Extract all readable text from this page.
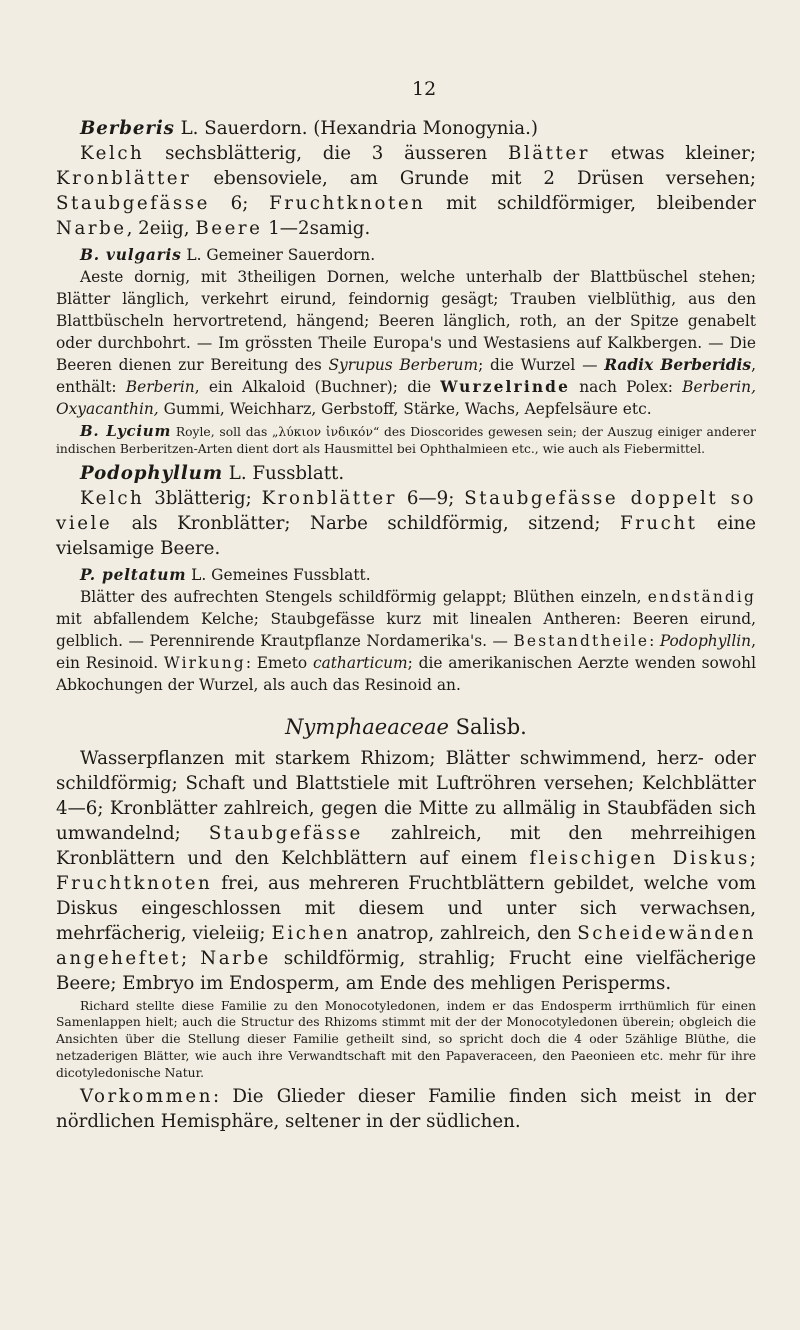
12

Berberis L. Sauerdorn. (Hexandria Monogynia.)

Kelch sechsblätterig, die 3 äusseren Blätter etwas kleiner; Kronblätter ebensoviele, am Grunde mit 2 Drüsen versehen; Staubgefässe 6; Fruchtknoten mit schildförmiger, bleibender Narbe, 2eiig, Beere 1—2samig.

B. vulgaris L. Gemeiner Sauerdorn.

Aeste dornig, mit 3theiligen Dornen, welche unterhalb der Blattbüschel stehen; Blätter länglich, verkehrt eirund, feindornig gesägt; Trauben vielblüthig, aus den Blattbüscheln hervortretend, hängend; Beeren länglich, roth, an der Spitze genabelt oder durchbohrt. — Im grössten Theile Europa's und Westasiens auf Kalkbergen. — Die Beeren dienen zur Bereitung des Syrupus Berberum; die Wurzel — Radix Berberidis, enthält: Berberin, ein Alkaloid (Buchner); die Wurzelrinde nach Polex: Berberin, Oxyacanthin, Gummi, Weichharz, Gerbstoff, Stärke, Wachs, Aepfelsäure etc.

B. Lycium Royle, soll das „λύκιον ἰνδικόν“ des Dioscorides gewesen sein; der Auszug einiger anderer indischen Berberitzen-Arten dient dort als Hausmittel bei Ophthalmieen etc., wie auch als Fiebermittel.

Podophyllum L. Fussblatt.

Kelch 3blätterig; Kronblätter 6—9; Staubgefässe doppelt so viele als Kronblätter; Narbe schildförmig, sitzend; Frucht eine vielsamige Beere.

P. peltatum L. Gemeines Fussblatt.

Blätter des aufrechten Stengels schildförmig gelappt; Blüthen einzeln, endständig mit abfallendem Kelche; Staubgefässe kurz mit linealen Antheren: Beeren eirund, gelblich. — Perennirende Krautpflanze Nordamerika's. — Bestandtheile: Podophyllin, ein Resinoid. Wirkung: Emeto catharticum; die amerikanischen Aerzte wenden sowohl Abkochungen der Wurzel, als auch das Resinoid an.

Nymphaeaceae Salisb.

Wasserpflanzen mit starkem Rhizom; Blätter schwimmend, herz- oder schildförmig; Schaft und Blattstiele mit Luftröhren versehen; Kelchblätter 4—6; Kronblätter zahlreich, gegen die Mitte zu allmälig in Staubfäden sich umwandelnd; Staubgefässe zahlreich, mit den mehrreihigen Kronblättern und den Kelchblättern auf einem fleischigen Diskus; Fruchtknoten frei, aus mehreren Fruchtblättern gebildet, welche vom Diskus eingeschlossen mit diesem und unter sich verwachsen, mehrfächerig, vieleiig; Eichen anatrop, zahlreich, den Scheidewänden angeheftet; Narbe schildförmig, strahlig; Frucht eine vielfächerige Beere; Embryo im Endosperm, am Ende des mehligen Perisperms.

Richard stellte diese Familie zu den Monocotyledonen, indem er das Endosperm irrthümlich für einen Samenlappen hielt; auch die Structur des Rhizoms stimmt mit der der Monocotyledonen überein; obgleich die Ansichten über die Stellung dieser Familie getheilt sind, so spricht doch die 4 oder 5zählige Blüthe, die netzaderigen Blätter, wie auch ihre Verwandtschaft mit den Papaveraceen, den Paeonieen etc. mehr für ihre dicotyledonische Natur.

Vorkommen: Die Glieder dieser Familie finden sich meist in der nördlichen Hemisphäre, seltener in der südlichen.
